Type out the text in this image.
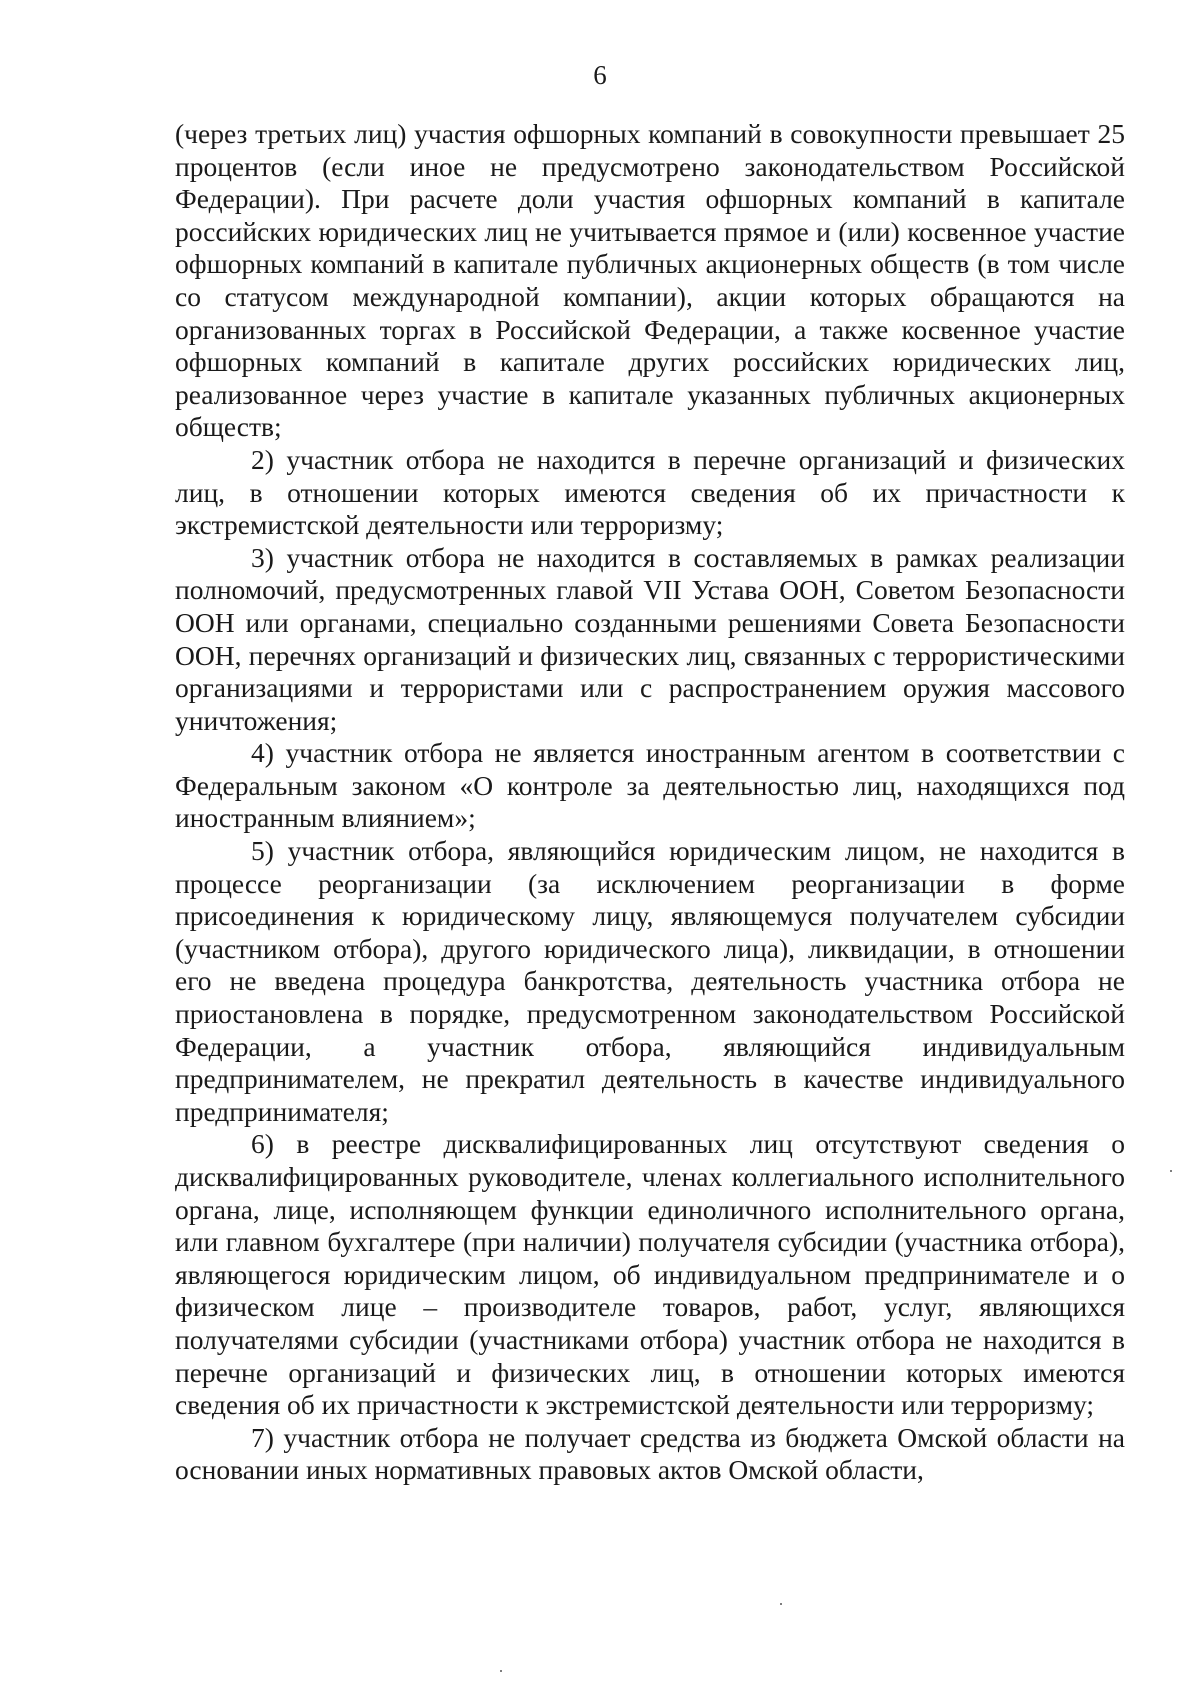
6

(через третьих лиц) участия офшорных компаний в совокупности превышает 25 процентов (если иное не предусмотрено законодательством Российской Федерации). При расчете доли участия офшорных компаний в капитале российских юридических лиц не учитывается прямое и (или) косвенное участие офшорных компаний в капитале публичных акционерных обществ (в том числе со статусом международной компании), акции которых обращаются на организованных торгах в Российской Федерации, а также косвенное участие офшорных компаний в капитале других российских юридических лиц, реализованное через участие в капитале указанных публичных акционерных обществ;

2) участник отбора не находится в перечне организаций и физических лиц, в отношении которых имеются сведения об их причастности к экстремистской деятельности или терроризму;

3) участник отбора не находится в составляемых в рамках реализации полномочий, предусмотренных главой VII Устава ООН, Советом Безопасности ООН или органами, специально созданными решениями Совета Безопасности ООН, перечнях организаций и физических лиц, связанных с террористическими организациями и террористами или с распространением оружия массового уничтожения;

4) участник отбора не является иностранным агентом в соответствии с Федеральным законом «О контроле за деятельностью лиц, находящихся под иностранным влиянием»;

5) участник отбора, являющийся юридическим лицом, не находится в процессе реорганизации (за исключением реорганизации в форме присоединения к юридическому лицу, являющемуся получателем субсидии (участником отбора), другого юридического лица), ликвидации, в отношении его не введена процедура банкротства, деятельность участника отбора не приостановлена в порядке, предусмотренном законодательством Российской Федерации, а участник отбора, являющийся индивидуальным предпринимателем, не прекратил деятельность в качестве индивидуального предпринимателя;

6) в реестре дисквалифицированных лиц отсутствуют сведения о дисквалифицированных руководителе, членах коллегиального исполнительного органа, лице, исполняющем функции единоличного исполнительного органа, или главном бухгалтере (при наличии) получателя субсидии (участника отбора), являющегося юридическим лицом, об индивидуальном предпринимателе и о физическом лице – производителе товаров, работ, услуг, являющихся получателями субсидии (участниками отбора) участник отбора не находится в перечне организаций и физических лиц, в отношении которых имеются сведения об их причастности к экстремистской деятельности или терроризму;

7) участник отбора не получает средства из бюджета Омской области на основании иных нормативных правовых актов Омской области,
